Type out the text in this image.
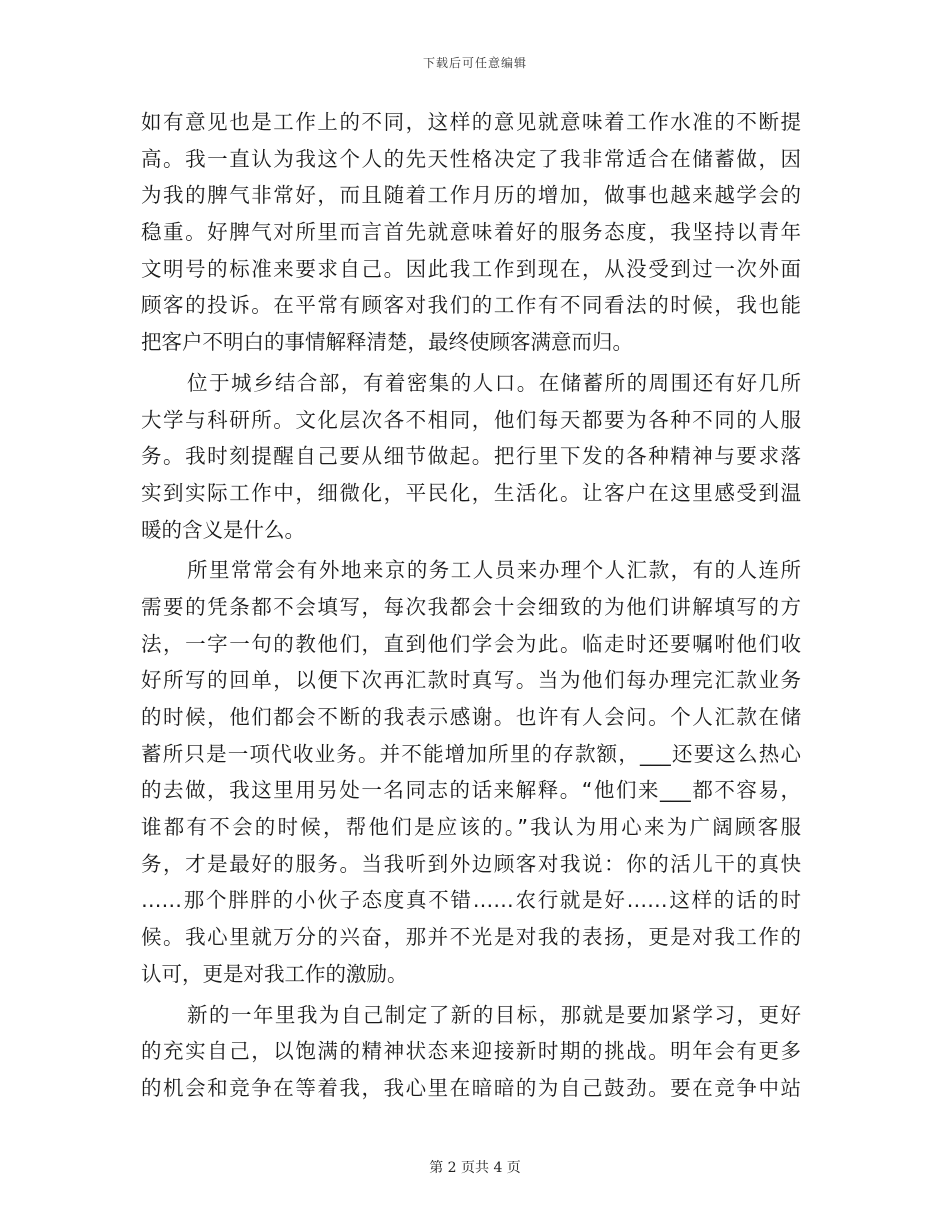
下载后可任意编辑
如有意见也是工作上的不同，这样的意见就意味着工作水准的不断提
高。我一直认为我这个人的先天性格决定了我非常适合在储蓄做，因
为我的脾气非常好，而且随着工作月历的增加，做事也越来越学会的
稳重。好脾气对所里而言首先就意味着好的服务态度，我坚持以青年
文明号的标准来要求自己。因此我工作到现在，从没受到过一次外面
顾客的投诉。在平常有顾客对我们的工作有不同看法的时候，我也能
把客户不明白的事情解释清楚，最终使顾客满意而归。
位于城乡结合部，有着密集的人口。在储蓄所的周围还有好几所
大学与科研所。文化层次各不相同，他们每天都要为各种不同的人服
务。我时刻提醒自己要从细节做起。把行里下发的各种精神与要求落
实到实际工作中，细微化，平民化，生活化。让客户在这里感受到温
暖的含义是什么。
所里常常会有外地来京的务工人员来办理个人汇款，有的人连所
需要的凭条都不会填写，每次我都会十会细致的为他们讲解填写的方
法，一字一句的教他们，直到他们学会为此。临走时还要嘱咐他们收
好所写的回单，以便下次再汇款时真写。当为他们每办理完汇款业务
的时候，他们都会不断的我表示感谢。也许有人会问。个人汇款在储
蓄所只是一项代收业务。并不能增加所里的存款额，___还要这么热心
的去做，我这里用另处一名同志的话来解释。“他们来___都不容易，
谁都有不会的时候，帮他们是应该的。”我认为用心来为广阔顾客服
务，才是最好的服务。当我听到外边顾客对我说：你的活儿干的真快
……那个胖胖的小伙子态度真不错……农行就是好……这样的话的时
候。我心里就万分的兴奋，那并不光是对我的表扬，更是对我工作的
认可，更是对我工作的激励。
新的一年里我为自己制定了新的目标，那就是要加紧学习，更好
的充实自己，以饱满的精神状态来迎接新时期的挑战。明年会有更多
的机会和竞争在等着我，我心里在暗暗的为自己鼓劲。要在竞争中站
第 2 页共 4 页
